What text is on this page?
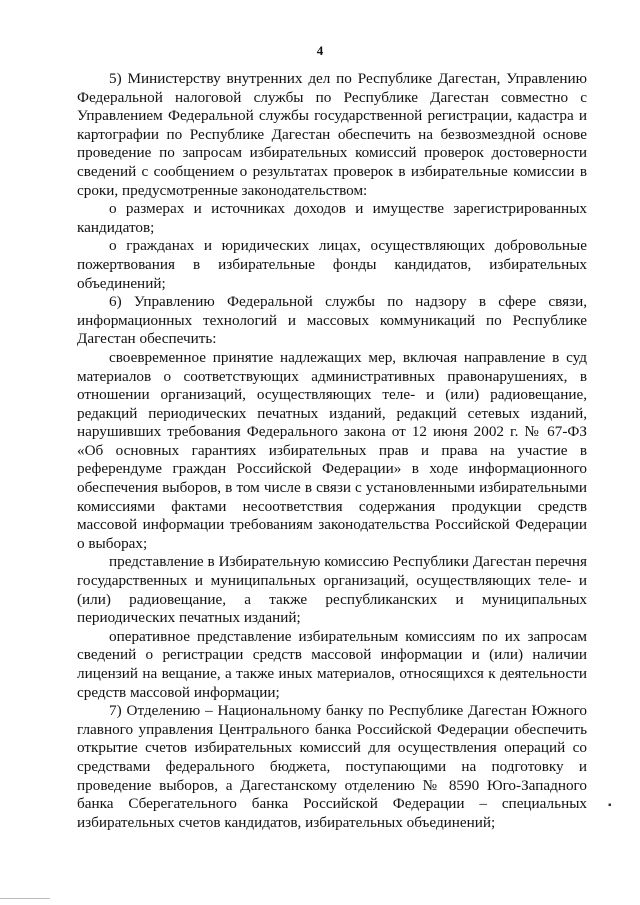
4

5) Министерству внутренних дел по Республике Дагестан, Управлению Федеральной налоговой службы по Республике Дагестан совместно с Управлением Федеральной службы государственной регистрации, кадастра и картографии по Республике Дагестан обеспечить на безвозмездной основе проведение по запросам избирательных комиссий проверок достоверности сведений с сообщением о результатах проверок в избирательные комиссии в сроки, предусмотренные законодательством:

о размерах и источниках доходов и имуществе зарегистрированных кандидатов;

о гражданах и юридических лицах, осуществляющих добровольные пожертвования в избирательные фонды кандидатов, избирательных объединений;

6) Управлению Федеральной службы по надзору в сфере связи, информационных технологий и массовых коммуникаций по Республике Дагестан обеспечить:

своевременное принятие надлежащих мер, включая направление в суд материалов о соответствующих административных правонарушениях, в отношении организаций, осуществляющих теле- и (или) радиовещание, редакций периодических печатных изданий, редакций сетевых изданий, нарушивших требования Федерального закона от 12 июня 2002 г. № 67-ФЗ «Об основных гарантиях избирательных прав и права на участие в референдуме граждан Российской Федерации» в ходе информационного обеспечения выборов, в том числе в связи с установленными избирательными комиссиями фактами несоответствия содержания продукции средств массовой информации требованиям законодательства Российской Федерации о выборах;

представление в Избирательную комиссию Республики Дагестан перечня государственных и муниципальных организаций, осуществляющих теле- и (или) радиовещание, а также республиканских и муниципальных периодических печатных изданий;

оперативное представление избирательным комиссиям по их запросам сведений о регистрации средств массовой информации и (или) наличии лицензий на вещание, а также иных материалов, относящихся к деятельности средств массовой информации;

7) Отделению – Национальному банку по Республике Дагестан Южного главного управления Центрального банка Российской Федерации обеспечить открытие счетов избирательных комиссий для осуществления операций со средствами федерального бюджета, поступающими на подготовку и проведение выборов, а Дагестанскому отделению № 8590 Юго-Западного банка Сберегательного банка Российской Федерации – специальных избирательных счетов кандидатов, избирательных объединений;

▪
